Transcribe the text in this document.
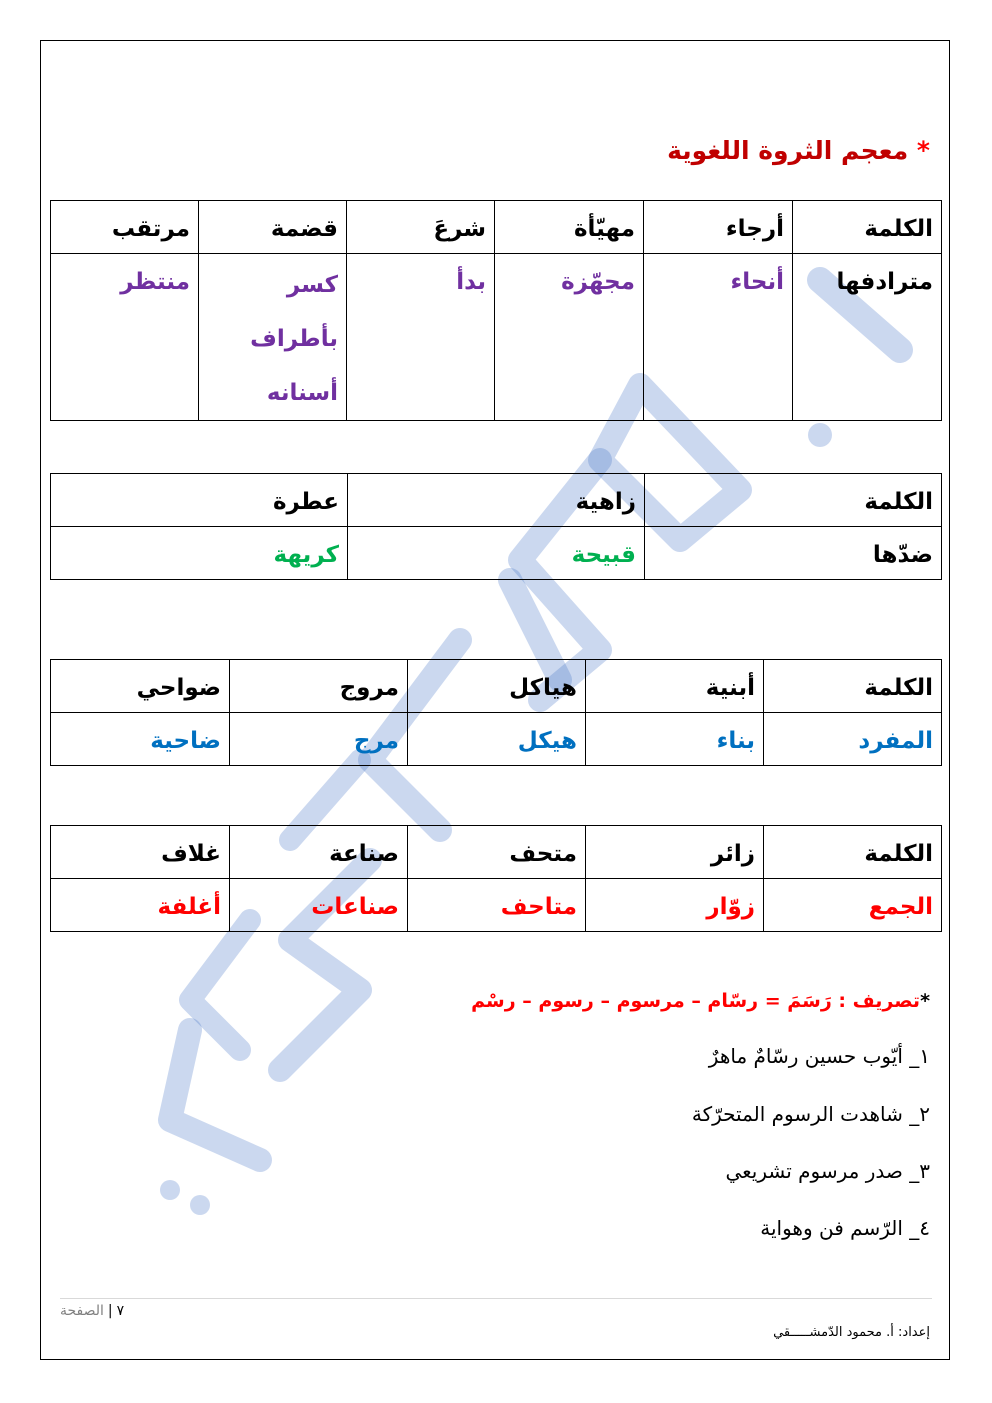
* معجم الثروة اللغوية
الكلمة	أرجاء	مهيّأة	شرعَ	قضمة	مرتقب
مترادفها	أنحاء	مجهّزة	بدأ	كسر بأطراف أسنانه	منتظر
الكلمة	زاهية	عطرة
ضدّها	قبيحة	كريهة
الكلمة	أبنية	هياكل	مروج	ضواحي
المفرد	بناء	هيكل	مرج	ضاحية
الكلمة	زائر	متحف	صناعة	غلاف
الجمع	زوّار	متاحف	صناعات	أغلفة
*تصريف : رَسَمَ = رسّام – مرسوم – رسوم – رسْم
١_ أيّوب حسين رسّامٌ ماهرٌ
٢_ شاهدت الرسوم المتحرّكة
٣_ صدر مرسوم تشريعي
٤_ الرّسم فن وهواية
٧|الصفحة
إعداد: أ. محمود الدّمشـــــقي
